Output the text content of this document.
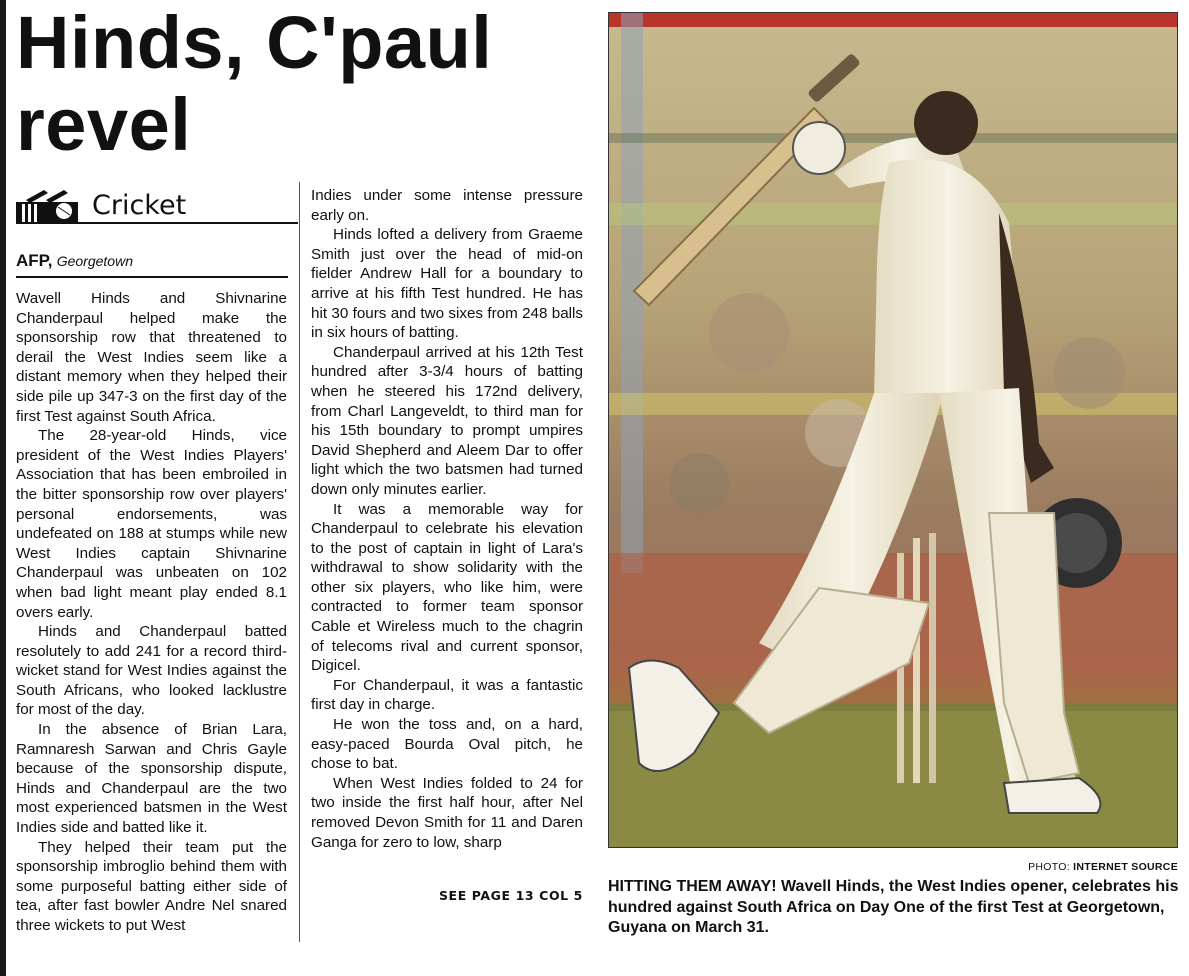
Hinds, C'paul revel
Cricket
AFP, Georgetown

Wavell Hinds and Shivnarine Chanderpaul helped make the sponsorship row that threatened to derail the West Indies seem like a distant memory when they helped their side pile up 347-3 on the first day of the first Test against South Africa.

The 28-year-old Hinds, vice president of the West Indies Players' Association that has been embroiled in the bitter sponsorship row over players' personal endorsements, was undefeated on 188 at stumps while new West Indies captain Shivnarine Chanderpaul was unbeaten on 102 when bad light meant play ended 8.1 overs early.

Hinds and Chanderpaul batted resolutely to add 241 for a record third-wicket stand for West Indies against the South Africans, who looked lacklustre for most of the day.

In the absence of Brian Lara, Ramnaresh Sarwan and Chris Gayle because of the sponsorship dispute, Hinds and Chanderpaul are the two most experienced batsmen in the West Indies side and batted like it.

They helped their team put the sponsorship imbroglio behind them with some purposeful batting either side of tea, after fast bowler Andre Nel snared three wickets to put West

Indies under some intense pressure early on.

Hinds lofted a delivery from Graeme Smith just over the head of mid-on fielder Andrew Hall for a boundary to arrive at his fifth Test hundred. He has hit 30 fours and two sixes from 248 balls in six hours of batting.

Chanderpaul arrived at his 12th Test hundred after 3-3/4 hours of batting when he steered his 172nd delivery, from Charl Langeveldt, to third man for his 15th boundary to prompt umpires David Shepherd and Aleem Dar to offer light which the two batsmen had turned down only minutes earlier.

It was a memorable way for Chanderpaul to celebrate his elevation to the post of captain in light of Lara's withdrawal to show solidarity with the other six players, who like him, were contracted to former team sponsor Cable et Wireless much to the chagrin of telecoms rival and current sponsor, Digicel.

For Chanderpaul, it was a fantastic first day in charge.

He won the toss and, on a hard, easy-paced Bourda Oval pitch, he chose to bat.

When West Indies folded to 24 for two inside the first half hour, after Nel removed Devon Smith for 11 and Daren Ganga for zero to low, sharp

SEE PAGE 13 COL 5
PHOTO: INTERNET SOURCE

HITTING THEM AWAY! Wavell Hinds, the West Indies opener, celebrates his hundred against South Africa on Day One of the first Test at Georgetown, Guyana on March 31.
